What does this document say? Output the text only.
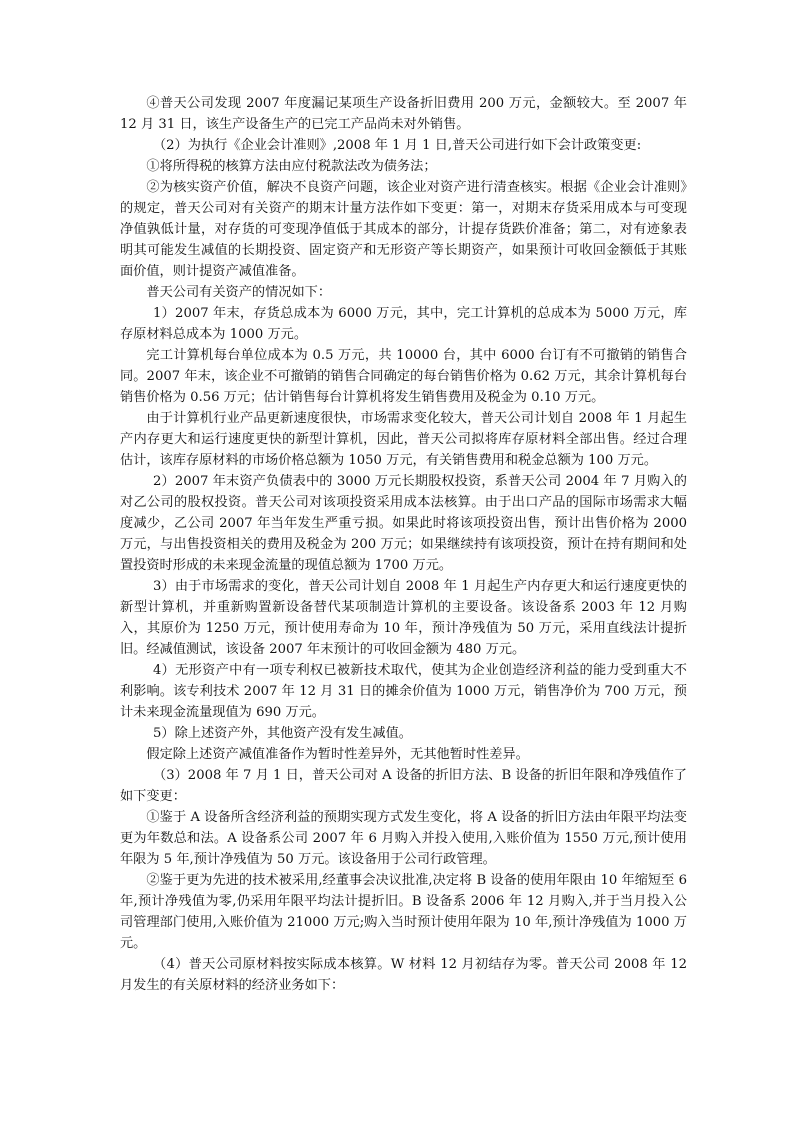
④普天公司发现 2007 年度漏记某项生产设备折旧费用 200 万元，金额较大。至 2007 年 12 月 31 日，该生产设备生产的已完工产品尚未对外销售。

（2）为执行《企业会计准则》,2008 年 1 月 1 日,普天公司进行如下会计政策变更:

①将所得税的核算方法由应付税款法改为债务法；

②为核实资产价值，解决不良资产问题，该企业对资产进行清查核实。根据《企业会计准则》的规定，普天公司对有关资产的期末计量方法作如下变更：第一，对期末存货采用成本与可变现净值孰低计量，对存货的可变现净值低于其成本的部分，计提存货跌价准备；第二，对有迹象表明其可能发生减值的长期投资、固定资产和无形资产等长期资产，如果预计可收回金额低于其账面价值，则计提资产减值准备。

普天公司有关资产的情况如下：

1）2007 年末，存货总成本为 6000 万元，其中，完工计算机的总成本为 5000 万元，库存原材料总成本为 1000 万元。

完工计算机每台单位成本为 0.5 万元，共 10000 台，其中 6000 台订有不可撤销的销售合同。2007 年末，该企业不可撤销的销售合同确定的每台销售价格为 0.62 万元，其余计算机每台销售价格为 0.56 万元；估计销售每台计算机将发生销售费用及税金为 0.10 万元。

由于计算机行业产品更新速度很快，市场需求变化较大，普天公司计划自 2008 年 1 月起生产内存更大和运行速度更快的新型计算机，因此，普天公司拟将库存原材料全部出售。经过合理估计，该库存原材料的市场价格总额为 1050 万元，有关销售费用和税金总额为 100 万元。

2）2007 年末资产负债表中的 3000 万元长期股权投资，系普天公司 2004 年 7 月购入的对乙公司的股权投资。普天公司对该项投资采用成本法核算。由于出口产品的国际市场需求大幅度减少，乙公司 2007 年当年发生严重亏损。如果此时将该项投资出售，预计出售价格为 2000 万元，与出售投资相关的费用及税金为 200 万元；如果继续持有该项投资，预计在持有期间和处置投资时形成的未来现金流量的现值总额为 1700 万元。

3）由于市场需求的变化，普天公司计划自 2008 年 1 月起生产内存更大和运行速度更快的新型计算机，并重新购置新设备替代某项制造计算机的主要设备。该设备系 2003 年 12 月购入，其原价为 1250 万元，预计使用寿命为 10 年，预计净残值为 50 万元，采用直线法计提折旧。经减值测试，该设备 2007 年末预计的可收回金额为 480 万元。

4）无形资产中有一项专利权已被新技术取代，使其为企业创造经济利益的能力受到重大不利影响。该专利技术 2007 年 12 月 31 日的摊余价值为 1000 万元，销售净价为 700 万元，预计未来现金流量现值为 690 万元。

5）除上述资产外，其他资产没有发生减值。

假定除上述资产减值准备作为暂时性差异外，无其他暂时性差异。

（3）2008 年 7 月 1 日，普天公司对 A 设备的折旧方法、B 设备的折旧年限和净残值作了如下变更：

①鉴于 A 设备所含经济利益的预期实现方式发生变化，将 A 设备的折旧方法由年限平均法变更为年数总和法。A 设备系公司 2007 年 6 月购入并投入使用,入账价值为 1550 万元,预计使用年限为 5 年,预计净残值为 50 万元。该设备用于公司行政管理。

②鉴于更为先进的技术被采用,经董事会决议批准,决定将 B 设备的使用年限由 10 年缩短至 6 年,预计净残值为零,仍采用年限平均法计提折旧。B 设备系 2006 年 12 月购入,并于当月投入公司管理部门使用,入账价值为 21000 万元;购入当时预计使用年限为 10 年,预计净残值为 1000 万元。

（4）普天公司原材料按实际成本核算。W 材料 12 月初结存为零。普天公司 2008 年 12 月发生的有关原材料的经济业务如下：
